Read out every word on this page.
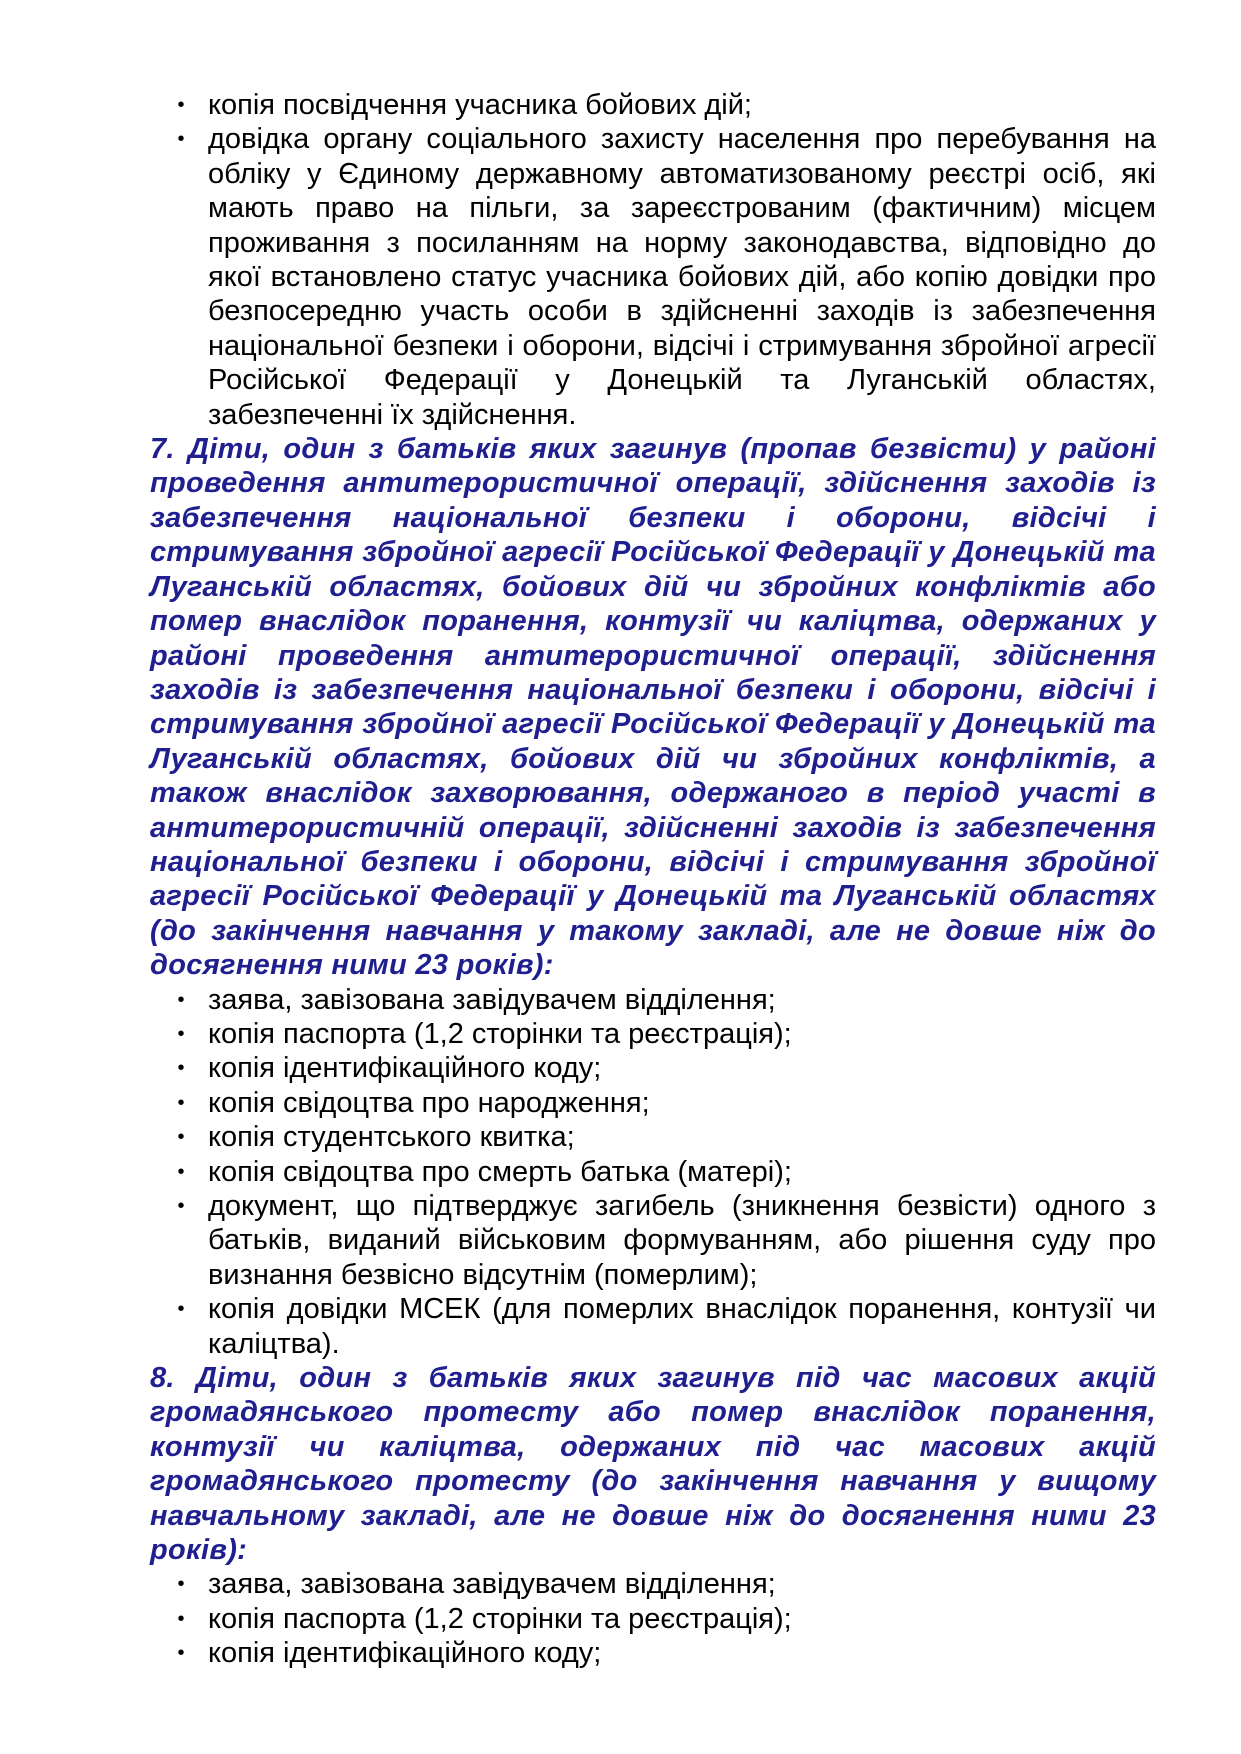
• копія посвідчення учасника бойових дій;
• довідка органу соціального захисту населення про перебування на обліку у Єдиному державному автоматизованому реєстрі осіб, які мають право на пільги, за зареєстрованим (фактичним) місцем проживання з посиланням на норму законодавства, відповідно до якої встановлено статус учасника бойових дій, або копію довідки про безпосередню участь особи в здійсненні заходів із забезпечення національної безпеки і оборони, відсічі і стримування збройної агресії Російської Федерації у Донецькій та Луганській областях, забезпеченні їх здійснення.

7. Діти, один з батьків яких загинув (пропав безвісти) у районі проведення антитерористичної операції, здійснення заходів із забезпечення національної безпеки і оборони, відсічі і стримування збройної агресії Російської Федерації у Донецькій та Луганській областях, бойових дій чи збройних конфліктів або помер внаслідок поранення, контузії чи каліцтва, одержаних у районі проведення антитерористичної операції, здійснення заходів із забезпечення національної безпеки і оборони, відсічі і стримування збройної агресії Російської Федерації у Донецькій та Луганській областях, бойових дій чи збройних конфліктів, а також внаслідок захворювання, одержаного в період участі в антитерористичній операції, здійсненні заходів із забезпечення національної безпеки і оборони, відсічі і стримування збройної агресії Російської Федерації у Донецькій та Луганській областях (до закінчення навчання у такому закладі, але не довше ніж до досягнення ними 23 років):

• заява, завізована завідувачем відділення;
• копія паспорта (1,2 сторінки та реєстрація);
• копія ідентифікаційного коду;
• копія свідоцтва про народження;
• копія студентського квитка;
• копія свідоцтва про смерть батька (матері);
• документ, що підтверджує загибель (зникнення безвісти) одного з батьків, виданий військовим формуванням, або рішення суду про визнання безвісно відсутнім (померлим);
• копія довідки МСЕК (для померлих внаслідок поранення, контузії чи каліцтва).

8. Діти, один з батьків яких загинув під час масових акцій громадянського протесту або помер внаслідок поранення, контузії чи каліцтва, одержаних під час масових акцій громадянського протесту (до закінчення навчання у вищому навчальному закладі, але не довше ніж до досягнення ними 23 років):

• заява, завізована завідувачем відділення;
• копія паспорта (1,2 сторінки та реєстрація);
• копія ідентифікаційного коду;
